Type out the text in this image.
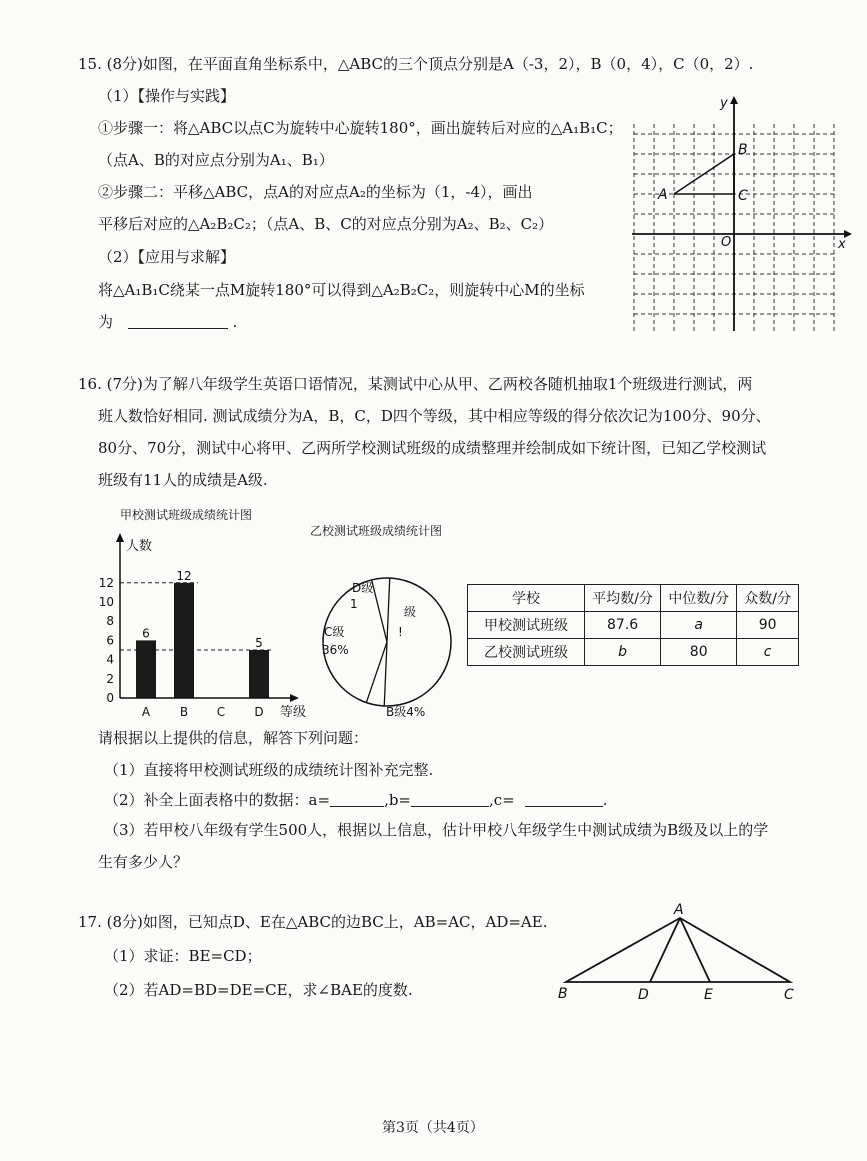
15. (8分)如图，在平面直角坐标系中，△ABC的三个顶点分别是A（-3，2），B（0，4），C（0，2）.
（1）【操作与实践】
①步骤一：将△ABC以点C为旋转中心旋转180°，画出旋转后对应的△A₁B₁C；
（点A、B的对应点分别为A₁、B₁）
②步骤二：平移△ABC，点A的对应点A₂的坐标为（1，-4），画出
平移后对应的△A₂B₂C₂；（点A、B、C的对应点分别为A₂、B₂、C₂）
（2）【应用与求解】
将△A₁B₁C绕某一点M旋转180°可以得到△A₂B₂C₂，则旋转中心M的坐标
为	.
y
x
O
A
B
C
16. (7分)为了解八年级学生英语口语情况，某测试中心从甲、乙两校各随机抽取1个班级进行测试，两
班人数恰好相同. 测试成绩分为A，B，C，D四个等级，其中相应等级的得分依次记为100分、90分、
80分、70分，测试中心将甲、乙两所学校测试班级的成绩整理并绘制成如下统计图，已知乙学校测试
班级有11人的成绩是A级.
甲校测试班级成绩统计图
乙校测试班级成绩统计图
0
2
4
6
8
10
12
6
A
12
B C
5
D
人数
等级
D级
1
级
!
C级
36%
B级4%
学校	平均数/分	中位数/分	众数/分
甲校测试班级	87.6	a	90
乙校测试班级	b	80	c
请根据以上提供的信息，解答下列问题：
（1）直接将甲校测试班级的成绩统计图补充完整.
（2）补全上面表格中的数据：a=	,b=	,c=	.
（3）若甲校八年级有学生500人，根据以上信息，估计甲校八年级学生中测试成绩为B级及以上的学
生有多少人？
17. (8分)如图，已知点D、E在△ABC的边BC上，AB=AC，AD=AE.
（1）求证：BE=CD；
（2）若AD=BD=DE=CE，求∠BAE的度数.
A
B	D	E	C
第3页（共4页）
